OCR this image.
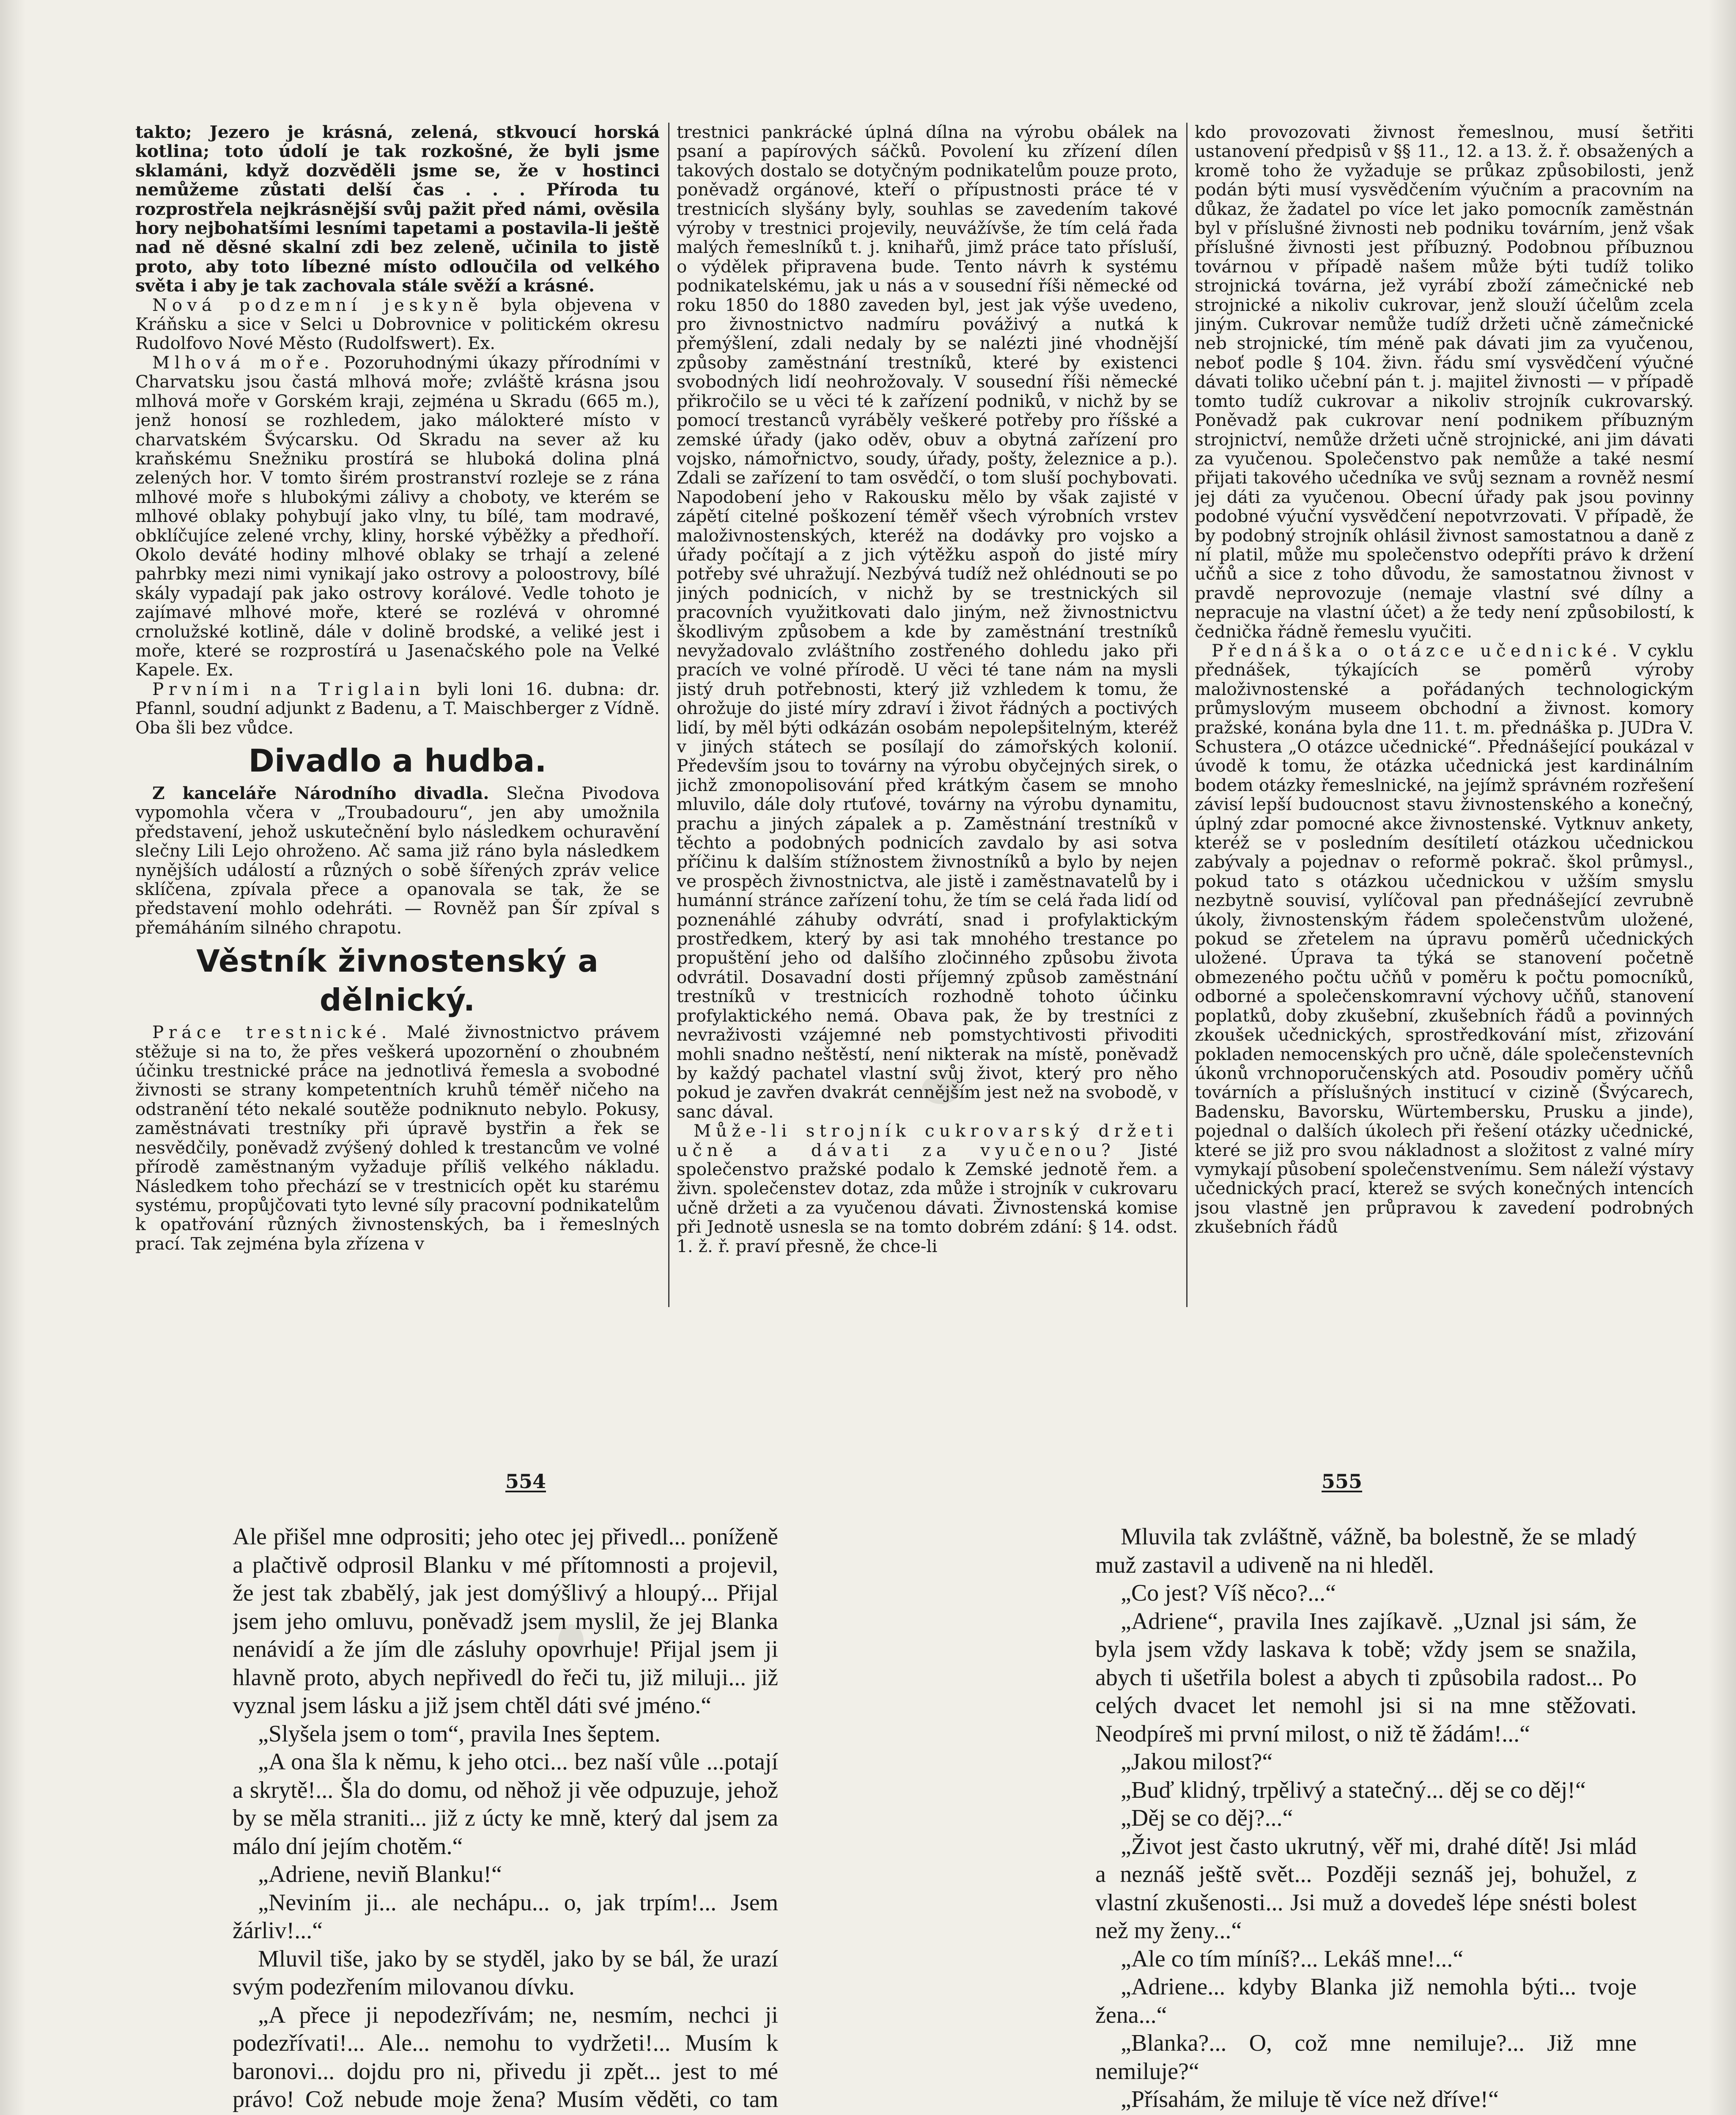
takto; Jezero je krásná, zelená, stkvoucí horská kotlina; toto údolí je tak rozkošné, že byli jsme sklamáni, když dozvěděli jsme se, že v hostinci nemůžeme zůstati delší čas . . . Příroda tu rozprostřela nejkrásnější svůj pažit před námi, ověsila hory nejbohatšími lesními tapetami a postavila-li ještě nad ně děsné skalní zdi bez zeleně, učinila to jistě proto, aby toto líbezné místo odloučila od velkého světa i aby je tak zachovala stále svěží a krásné.

Nová podzemní jeskyně byla objevena v Kráňsku a sice v Selci u Dobrovnice v politickém okresu Rudolfovo Nové Město (Rudolfswert). Ex.

Mlhová moře. Pozoruhodnými úkazy přírodními v Charvatsku jsou častá mlhová moře; zvláště krásna jsou mlhová moře v Gorském kraji, zejména u Skradu (665 m.), jenž honosí se rozhledem, jako málokteré místo v charvatském Švýcarsku. Od Skradu na sever až ku kraňskému Snežniku prostírá se hluboká dolina plná zelených hor. V tomto širém prostranství rozleje se z rána mlhové moře s hlubokými zálivy a choboty, ve kterém se mlhové oblaky pohybují jako vlny, tu bílé, tam modravé, obklíčujíce zelené vrchy, kliny, horské výběžky a předhoří. Okolo deváté hodiny mlhové oblaky se trhají a zelené pahrbky mezi nimi vynikají jako ostrovy a poloostrovy, bílé skály vypadají pak jako ostrovy korálové. Vedle tohoto je zajímavé mlhové moře, které se rozlévá v ohromné crnolužské kotlině, dále v dolině brodské, a veliké jest i moře, které se rozprostírá u Jasenačského pole na Velké Kapele. Ex.

Prvními na Triglain byli loni 16. dubna: dr. Pfannl, soudní adjunkt z Badenu, a T. Maischberger z Vídně. Oba šli bez vůdce.

Divadlo a hudba.

Z kanceláře Národního divadla. Slečna Pivodova vypomohla včera v „Troubadouru“, jen aby umožnila představení, jehož uskutečnění bylo následkem ochuravění slečny Lili Lejo ohroženo. Ač sama již ráno byla následkem nynějších událostí a různých o sobě šířených zpráv velice sklíčena, zpívala přece a opanovala se tak, že se představení mohlo odehráti. — Rovněž pan Šír zpíval s přemáháním silného chrapotu.

Věstník živnostenský a dělnický.

Práce trestnické. Malé živnostnictvo právem stěžuje si na to, že přes veškerá upozornění o zhoubném účinku trestnické práce na jednotlivá řemesla a svobodné živnosti se strany kompetentních kruhů téměř ničeho na odstranění této nekalé soutěže podniknuto nebylo. Pokusy, zaměstnávati trestníky při úpravě bystřin a řek se nesvědčily, poněvadž zvýšený dohled k trestancům ve volné přírodě zaměstnaným vyžaduje příliš velkého nákladu. Následkem toho přechází se v trestnicích opět ku starému systému, propůjčovati tyto levné síly pracovní podnikatelům k opatřování různých živnostenských, ba i řemeslných prací. Tak zejména byla zřízena v

trestnici pankrácké úplná dílna na výrobu obálek na psaní a papírových sáčků. Povolení ku zřízení dílen takových dostalo se dotyčným podnikatelům pouze proto, poněvadž orgánové, kteří o přípustnosti práce té v trestnicích slyšány byly, souhlas se zavedením takové výroby v trestnici projevily, neuvážívše, že tím celá řada malých řemeslníků t. j. knihařů, jimž práce tato přísluší, o výdělek připravena bude. Tento návrh k systému podnikatelskému, jak u nás a v sousední říši německé od roku 1850 do 1880 zaveden byl, jest jak výše uvedeno, pro živnostnictvo nadmíru pováživý a nutká k přemýšlení, zdali nedaly by se nalézti jiné vhodnější způsoby zaměstnání trestníků, které by existenci svobodných lidí neohrožovaly. V sousední říši německé přikročilo se u věci té k zařízení podniků, v nichž by se pomocí trestanců vyráběly veškeré potřeby pro říšské a zemské úřady (jako oděv, obuv a obytná zařízení pro vojsko, námořnictvo, soudy, úřady, pošty, železnice a p.). Zdali se zařízení to tam osvědčí, o tom sluší pochybovati. Napodobení jeho v Rakousku mělo by však zajisté v zápětí citelné poškození téměř všech výrobních vrstev maloživnostenských, kteréž na dodávky pro vojsko a úřady počítají a z jich výtěžku aspoň do jisté míry potřeby své uhražují. Nezbývá tudíž než ohlédnouti se po jiných podnicích, v nichž by se trestnických sil pracovních využitkovati dalo jiným, než živnostnictvu škodlivým způsobem a kde by zaměstnání trestníků nevyžadovalo zvláštního zostřeného dohledu jako při pracích ve volné přírodě. U věci té tane nám na mysli jistý druh potřebnosti, který již vzhledem k tomu, že ohrožuje do jisté míry zdraví i život řádných a poctivých lidí, by měl býti odkázán osobám nepolepšitelným, kteréž v jiných státech se posílají do zámořských kolonií. Především jsou to továrny na výrobu obyčejných sirek, o jichž zmonopolisování před krátkým časem se mnoho mluvilo, dále doly rtuťové, továrny na výrobu dynamitu, prachu a jiných zápalek a p. Zaměstnání trestníků v těchto a podobných podnicích zavdalo by asi sotva příčinu k dalším stížnostem živnostníků a bylo by nejen ve prospěch živnostnictva, ale jistě i zaměstnavatelů by i humánní stránce zařízení tohu, že tím se celá řada lidí od poznenáhlé záhuby odvrátí, snad i profylaktickým prostředkem, který by asi tak mnohého trestance po propuštění jeho od dalšího zločinného způsobu života odvrátil. Dosavadní dosti příjemný způsob zaměstnání trestníků v trestnicích rozhodně tohoto účinku profylaktického nemá. Obava pak, že by trestníci z nevraživosti vzájemné neb pomstychtivosti přivoditi mohli snadno neštěstí, není nikterak na místě, poněvadž by každý pachatel vlastní svůj život, který pro něho pokud je zavřen dvakrát cennějším jest než na svobodě, v sanc dával.

Může-li strojník cukrovarský držeti učně a dávati za vyučenou? Jisté společenstvo pražské podalo k Zemské jednotě řem. a živn. společenstev dotaz, zda může i strojník v cukrovaru učně držeti a za vyučenou dávati. Živnostenská komise při Jednotě usnesla se na tomto dobrém zdání: § 14. odst. 1. ž. ř. praví přesně, že chce-li

kdo provozovati živnost řemeslnou, musí šetřiti ustanovení předpisů v §§ 11., 12. a 13. ž. ř. obsažených a kromě toho že vyžaduje se průkaz způsobilosti, jenž podán býti musí vysvědčením výučním a pracovním na důkaz, že žadatel po více let jako pomocník zaměstnán byl v příslušné živnosti neb podniku továrním, jenž však příslušné živnosti jest příbuzný. Podobnou příbuznou továrnou v případě našem může býti tudíž toliko strojnická továrna, jež vyrábí zboží zámečnické neb strojnické a nikoliv cukrovar, jenž slouží účelům zcela jiným. Cukrovar nemůže tudíž držeti učně zámečnické neb strojnické, tím méně pak dávati jim za vyučenou, neboť podle § 104. živn. řádu smí vysvědčení výučné dávati toliko učební pán t. j. majitel živnosti — v případě tomto tudíž cukrovar a nikoliv strojník cukrovarský. Poněvadž pak cukrovar není podnikem příbuzným strojnictví, nemůže držeti učně strojnické, ani jim dávati za vyučenou. Společenstvo pak nemůže a také nesmí přijati takového učedníka ve svůj seznam a rovněž nesmí jej dáti za vyučenou. Obecní úřady pak jsou povinny podobné výuční vysvědčení nepotvrzovati. V případě, že by podobný strojník ohlásil živnost samostatnou a daně z ní platil, může mu společenstvo odepříti právo k držení učňů a sice z toho důvodu, že samostatnou živnost v pravdě neprovozuje (nemaje vlastní své dílny a nepracuje na vlastní účet) a že tedy není způsobilostí, k čednička řádně řemeslu vyučiti.

Přednáška o otázce učednické. V cyklu přednášek, týkajících se poměrů výroby maloživnostenské a pořádaných technologickým průmyslovým museem obchodní a živnost. komory pražské, konána byla dne 11. t. m. přednáška p. JUDra V. Schustera „O otázce učednické“. Přednášející poukázal v úvodě k tomu, že otázka učednická jest kardinálním bodem otázky řemeslnické, na jejímž správném rozřešení závisí lepší budoucnost stavu živnostenského a konečný, úplný zdar pomocné akce živnostenské. Vytknuv ankety, kteréž se v posledním desítiletí otázkou učednickou zabývaly a pojednav o reformě pokrač. škol průmysl., pokud tato s otázkou učednickou v užším smyslu nezbytně souvisí, vylíčoval pan přednášející zevrubně úkoly, živnostenským řádem společenstvům uložené, pokud se zřetelem na úpravu poměrů učednických uložené. Úprava ta týká se stanovení početně obmezeného počtu učňů v poměru k počtu pomocníků, odborné a společenskomravní výchovy učňů, stanovení poplatků, doby zkušební, zkušebních řádů a povinných zkoušek učednických, sprostředkování míst, zřizování pokladen nemocenských pro učně, dále společenstevních úkonů vrchnoporučenských atd. Posoudiv poměry učňů továrních a příslušných institucí v cizině (Švýcarech, Badensku, Bavorsku, Würtembersku, Prusku a jinde), pojednal o dalších úkolech při řešení otázky učednické, které se již pro svou nákladnost a složitost z valné míry vymykají působení společenstvenímu. Sem náleží výstavy učednických prací, kterež se svých konečných intencích jsou vlastně jen průpravou k zavedení podrobných zkušebních řádů

554	555

Ale přišel mne odprositi; jeho otec jej přivedl... poníženě a plačtivě odprosil Blanku v mé přítomnosti a projevil, že jest tak zbabělý, jak jest domýšlivý a hloupý... Přijal jsem jeho omluvu, poněvadž jsem myslil, že jej Blanka nenávidí a že jím dle zásluhy opovrhuje! Přijal jsem ji hlavně proto, abych nepřivedl do řeči tu, již miluji... již vyznal jsem lásku a již jsem chtěl dáti své jméno.“

„Slyšela jsem o tom“, pravila Ines šeptem.

„A ona šla k němu, k jeho otci... bez naší vůle ...potají a skrytě!... Šla do domu, od něhož ji věe odpuzuje, jehož by se měla straniti... již z úcty ke mně, který dal jsem za málo dní jejím chotěm.“

„Adriene, neviň Blanku!“

„Neviním ji... ale nechápu... o, jak trpím!... Jsem žárliv!...“

Mluvil tiše, jako by se styděl, jako by se bál, že urazí svým podezřením milovanou dívku.

„A přece ji nepodezřívám; ne, nesmím, nechci ji podezřívati!... Ale... nemohu to vydržeti!... Musím k baronovi... dojdu pro ni, přivedu ji zpět... jest to mé právo! Což nebude moje žena? Musím věděti, co tam

Mluvila tak zvláštně, vážně, ba bolestně, že se mladý muž zastavil a udiveně na ni hleděl.

„Co jest? Víš něco?...“

„Adriene“, pravila Ines zajíkavě. „Uznal jsi sám, že byla jsem vždy laskava k tobě; vždy jsem se snažila, abych ti ušetřila bolest a abych ti způsobila radost... Po celých dvacet let nemohl jsi si na mne stěžovati. Neodpíreš mi první milost, o niž tě žádám!...“

„Jakou milost?“

„Buď klidný, trpělivý a statečný... děj se co děj!“

„Děj se co děj?...“

„Život jest často ukrutný, věř mi, drahé dítě! Jsi mlád a neznáš ještě svět... Později seznáš jej, bohužel, z vlastní zkušenosti... Jsi muž a dovedeš lépe snésti bolest než my ženy...“

„Ale co tím míníš?... Lekáš mne!...“

„Adriene... kdyby Blanka již nemohla býti... tvoje žena...“

„Blanka?... O, což mne nemiluje?... Již mne nemiluje?“

„Přísahám, že miluje tě více než dříve!“
